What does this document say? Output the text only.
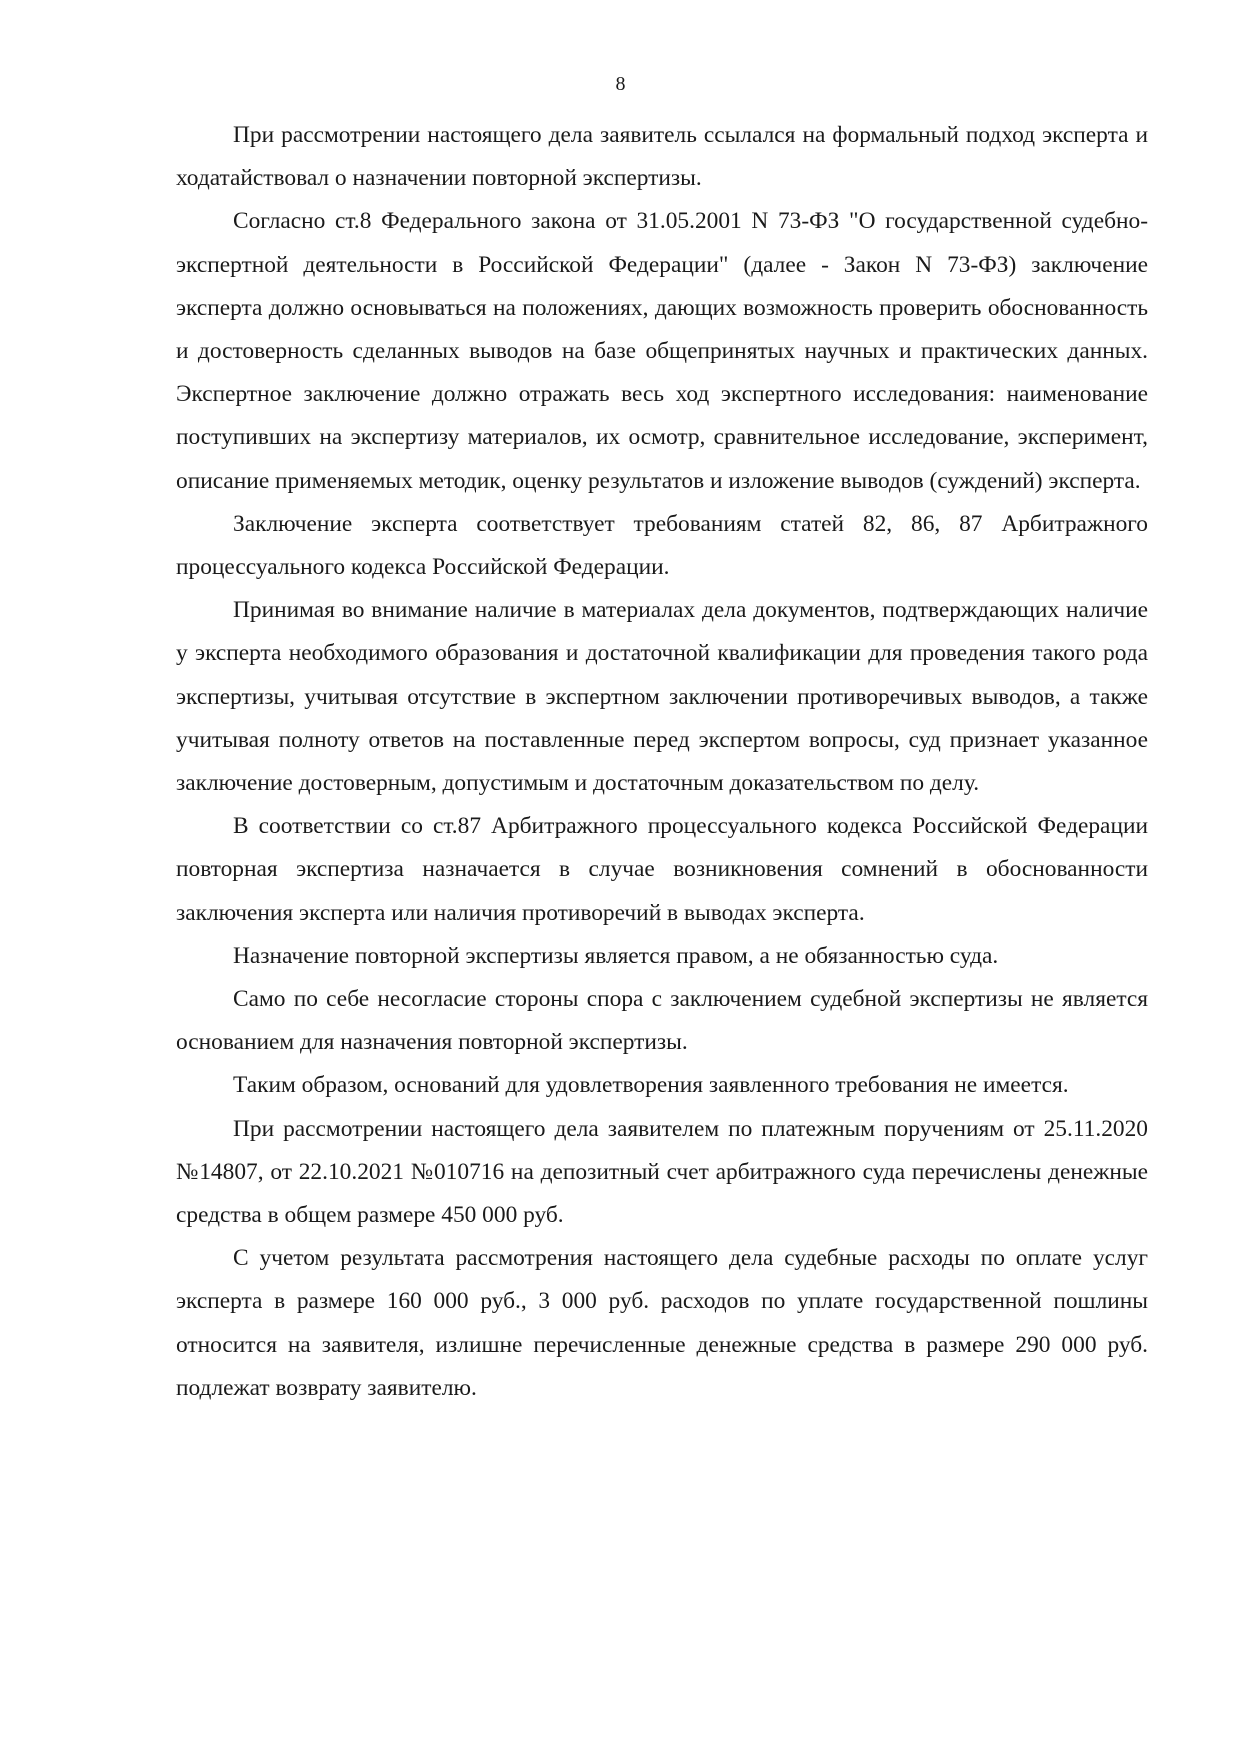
8

При рассмотрении настоящего дела заявитель ссылался на формальный подход эксперта и ходатайствовал о назначении повторной экспертизы.

Согласно ст.8 Федерального закона от 31.05.2001 N 73-ФЗ "О государственной судебно-экспертной деятельности в Российской Федерации" (далее - Закон N 73-ФЗ) заключение эксперта должно основываться на положениях, дающих возможность проверить обоснованность и достоверность сделанных выводов на базе общепринятых научных и практических данных. Экспертное заключение должно отражать весь ход экспертного исследования: наименование поступивших на экспертизу материалов, их осмотр, сравнительное исследование, эксперимент, описание применяемых методик, оценку результатов и изложение выводов (суждений) эксперта.

Заключение эксперта соответствует требованиям статей 82, 86, 87 Арбитражного процессуального кодекса Российской Федерации.

Принимая во внимание наличие в материалах дела документов, подтверждающих наличие у эксперта необходимого образования и достаточной квалификации для проведения такого рода экспертизы, учитывая отсутствие в экспертном заключении противоречивых выводов, а также учитывая полноту ответов на поставленные перед экспертом вопросы, суд признает указанное заключение достоверным, допустимым и достаточным доказательством по делу.

В соответствии со ст.87 Арбитражного процессуального кодекса Российской Федерации повторная экспертиза назначается в случае возникновения сомнений в обоснованности заключения эксперта или наличия противоречий в выводах эксперта.

Назначение повторной экспертизы является правом, а не обязанностью суда.

Само по себе несогласие стороны спора с заключением судебной экспертизы не является основанием для назначения повторной экспертизы.

Таким образом, оснований для удовлетворения заявленного требования не имеется.

При рассмотрении настоящего дела заявителем по платежным поручениям от 25.11.2020 №14807, от 22.10.2021 №010716 на депозитный счет арбитражного суда перечислены денежные средства в общем размере 450 000 руб.

С учетом результата рассмотрения настоящего дела судебные расходы по оплате услуг эксперта в размере 160 000 руб., 3 000 руб. расходов по уплате государственной пошлины относится на заявителя, излишне перечисленные денежные средства в размере 290 000 руб. подлежат возврату заявителю.
